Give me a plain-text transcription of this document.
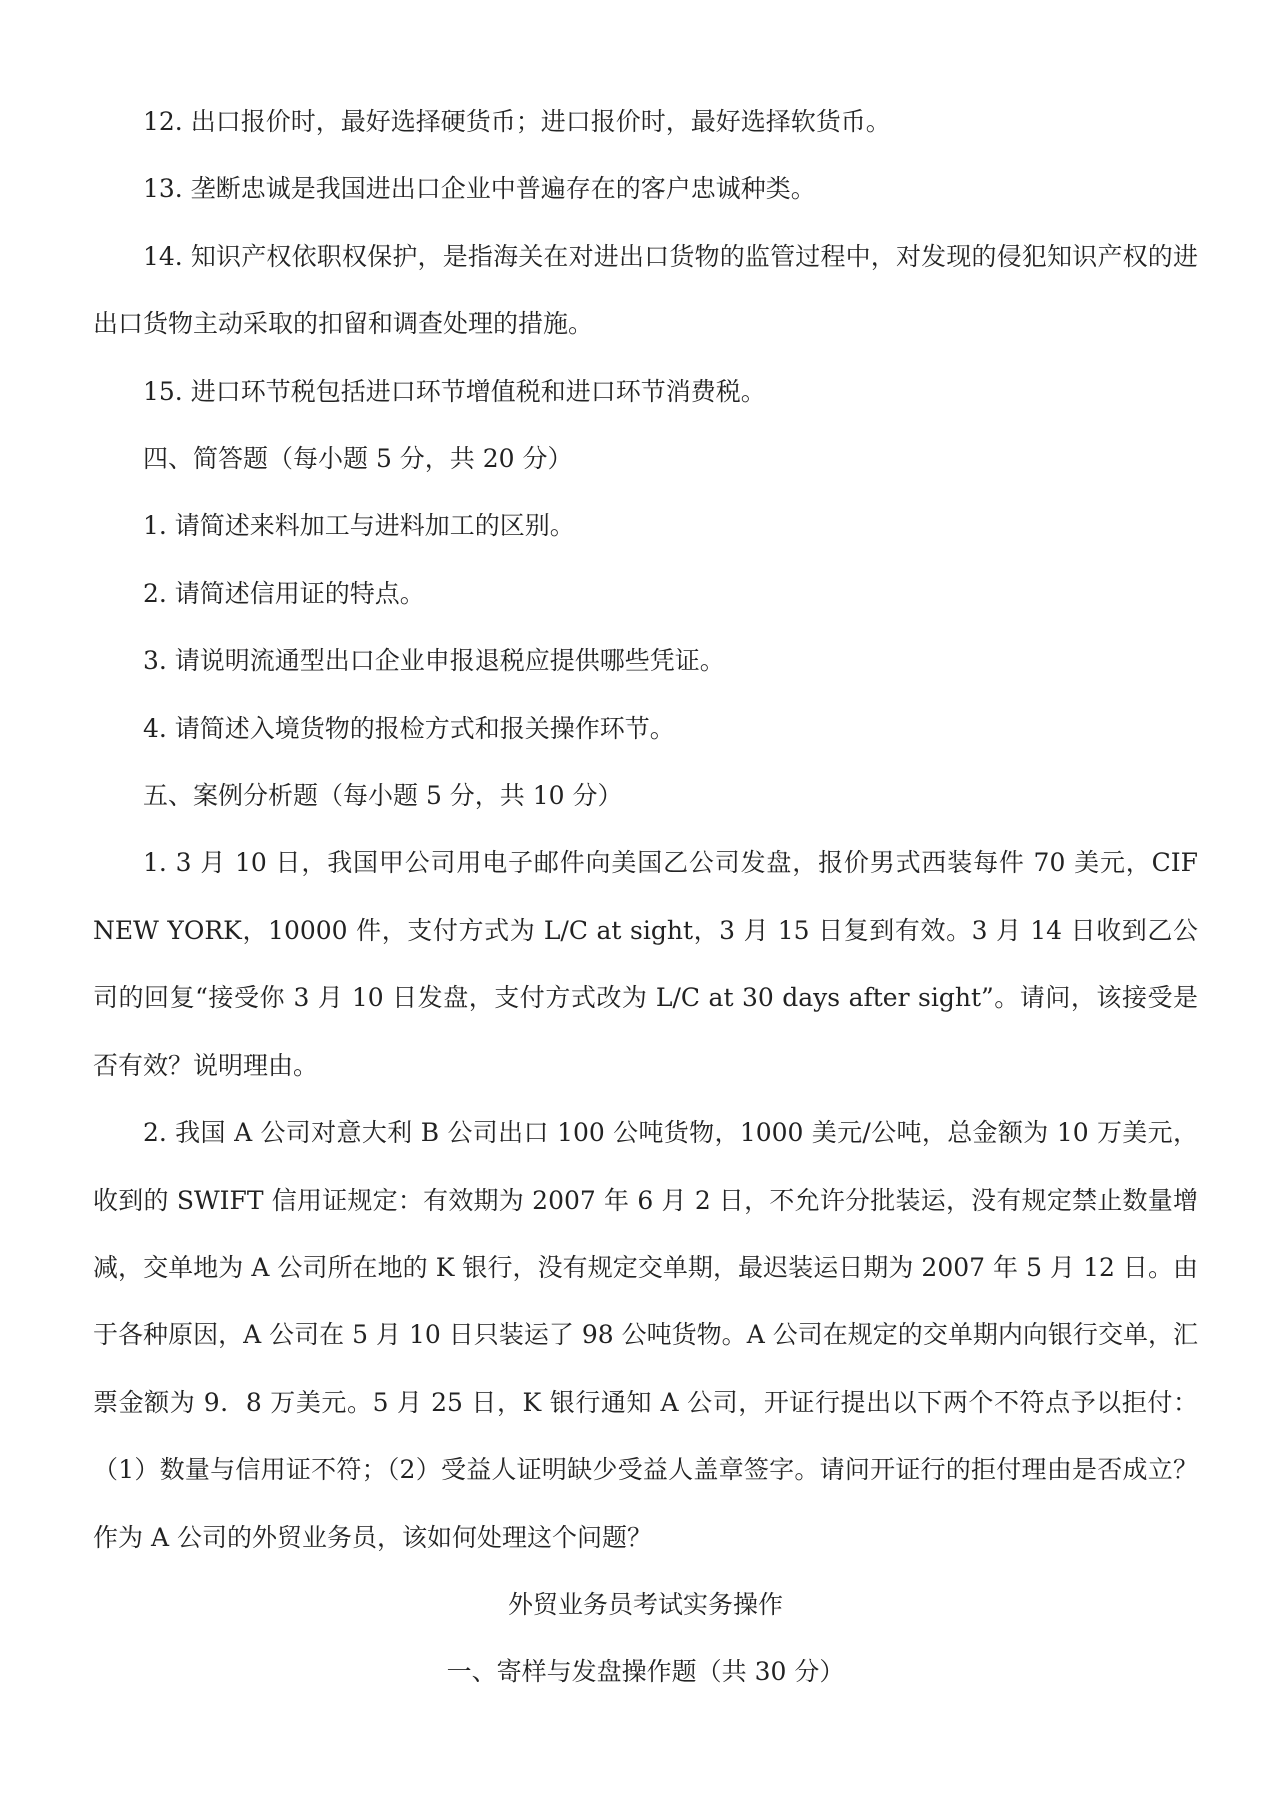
12. 出口报价时，最好选择硬货币；进口报价时，最好选择软货币。

13. 垄断忠诚是我国进出口企业中普遍存在的客户忠诚种类。

14. 知识产权依职权保护，是指海关在对进出口货物的监管过程中，对发现的侵犯知识产权的进出口货物主动采取的扣留和调查处理的措施。

15. 进口环节税包括进口环节增值税和进口环节消费税。

四、简答题（每小题 5 分，共 20 分）

1. 请简述来料加工与进料加工的区别。

2. 请简述信用证的特点。

3. 请说明流通型出口企业申报退税应提供哪些凭证。

4. 请简述入境货物的报检方式和报关操作环节。

五、案例分析题（每小题 5 分，共 10 分）

1. 3 月 10 日，我国甲公司用电子邮件向美国乙公司发盘，报价男式西装每件 70 美元，CIF NEW YORK，10000 件，支付方式为 L/C at sight，3 月 15 日复到有效。3 月 14 日收到乙公司的回复“接受你 3 月 10 日发盘，支付方式改为 L/C at 30 days after sight”。请问，该接受是否有效？说明理由。

2. 我国 A 公司对意大利 B 公司出口 100 公吨货物，1000 美元/公吨，总金额为 10 万美元，收到的 SWIFT 信用证规定：有效期为 2007 年 6 月 2 日，不允许分批装运，没有规定禁止数量增减，交单地为 A 公司所在地的 K 银行，没有规定交单期，最迟装运日期为 2007 年 5 月 12 日。由于各种原因，A 公司在 5 月 10 日只装运了 98 公吨货物。A 公司在规定的交单期内向银行交单，汇票金额为 9．8 万美元。5 月 25 日，K 银行通知 A 公司，开证行提出以下两个不符点予以拒付：（1）数量与信用证不符；（2）受益人证明缺少受益人盖章签字。请问开证行的拒付理由是否成立？作为 A 公司的外贸业务员，该如何处理这个问题？

外贸业务员考试实务操作

一、寄样与发盘操作题（共 30 分）
